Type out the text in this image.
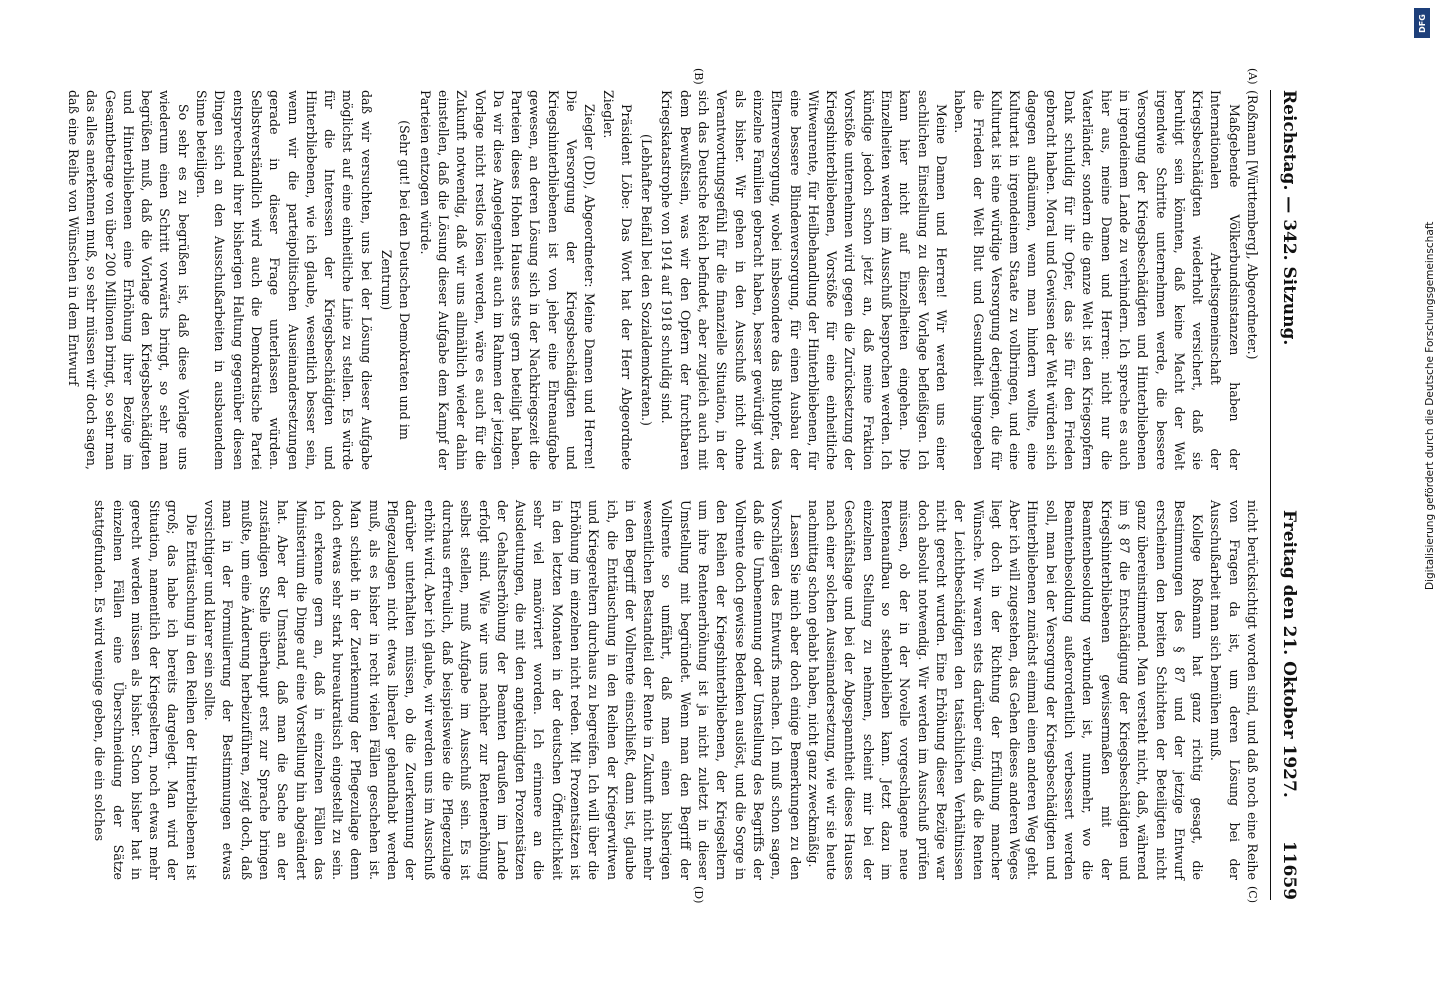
Reichstag. — 342. Sitzung.
Freitag den 21. Oktober 1927.
11659
(A)
(B)
(C)
(D)

(Roßmann [Württemberg], Abgeordneter.)

Maßgebende Völkerbundsinstanzen haben der Internationalen Arbeitsgemeinschaft der Kriegsbeschädigten wiederholt versichert, daß sie beruhigt sein könnten, daß keine Macht der Welt irgendwie Schritte unternehmen werde, die bessere Versorgung der Kriegsbeschädigten und Hinterbliebenen in irgendeinem Lande zu verhindern. Ich spreche es auch hier aus, meine Damen und Herren: nicht nur die Vaterländer, sondern die ganze Welt ist den Kriegsopfern Dank schuldig für ihr Opfer, das sie für den Frieden gebracht haben. Moral und Gewissen der Welt würden sich dagegen aufbäumen, wenn man hindern wollte, eine Kulturtat in irgendeinem Staate zu vollbringen, und eine Kulturtat ist eine würdige Versorgung derjenigen, die für die Frieden der Welt Blut und Gesundheit hingegeben haben.

Meine Damen und Herren! Wir werden uns einer sachlichen Einstellung zu dieser Vorlage befleißigen. Ich kann hier nicht auf Einzelheiten eingehen. Die Einzelheiten werden im Ausschuß besprochen werden. Ich kündige jedoch schon jetzt an, daß meine Fraktion Vorstöße unternehmen wird gegen die Zurücksetzung der Kriegshinterbliebenen, Vorstöße für eine einheitliche Witwenrente, für Heilbehandlung der Hinterbliebenen, für eine bessere Blindenversorgung, für einen Ausbau der Elternversorgung, wobei insbesondere das Blutopfer, das einzelne Familien gebracht haben, besser gewürdigt wird als bisher. Wir gehen in den Ausschuß nicht ohne Verantwortungsgefühl für die finanzielle Situation, in der sich das Deutsche Reich befindet, aber zugleich auch mit dem Bewußtsein, was wir den Opfern der furchtbaren Kriegskatastrophe von 1914 auf 1918 schuldig sind.

(Lebhafter Beifall bei den Sozialdemokraten.)

Präsident Löbe: Das Wort hat der Herr Abgeordnete Ziegler.

Ziegler (DD), Abgeordneter: Meine Damen und Herren! Die Versorgung der Kriegsbeschädigten und Kriegshinterbliebenen ist von jeher eine Ehrenaufgabe gewesen, an deren Lösung sich in der Nachkriegszeit die Parteien dieses Hohen Hauses stets gern beteiligt haben. Da wir diese Angelegenheit auch im Rahmen der jetzigen Vorlage nicht restlos lösen werden, wäre es auch für die Zukunft notwendig, daß wir uns allmählich wieder dahin einstellen, daß die Lösung dieser Aufgabe dem Kampf der Parteien entzogen würde.

(Sehr gut! bei den Deutschen Demokraten und im Zentrum)

daß wir versuchten, uns bei der Lösung dieser Aufgabe möglichst auf eine einheitliche Linie zu stellen. Es würde für die Interessen der Kriegsbeschädigten und Hinterbliebenen, wie ich glaube, wesentlich besser sein, wenn wir die parteipolitischen Auseinandersetzungen gerade in dieser Frage unterlassen würden. Selbstverständlich wird auch die Demokratische Partei entsprechend ihrer bisherigen Haltung gegenüber diesen Dingen sich an den Ausschußarbeiten in ausbauendem Sinne beteiligen.

So sehr es zu begrüßen ist, daß diese Vorlage uns wiederum einen Schritt vorwärts bringt, so sehr man begrüßen muß, daß die Vorlage den Kriegsbeschädigten und Hinterbliebenen eine Erhöhung ihrer Bezüge im Gesamtbetrage von über 200 Millionen bringt, so sehr man das alles anerkennen muß, so sehr müssen wir doch sagen, daß eine Reihe von Wünschen in dem Entwurf

nicht berücksichtigt worden sind, und daß noch eine Reihe von Fragen da ist, um deren Lösung bei der Ausschußarbeit man sich bemühen muß.

Kollege Roßmann hat ganz richtig gesagt, die Bestimmungen des § 87 und der jetzige Entwurf erscheinen den breiten Schichten der Beteiligten nicht ganz übereinstimmend. Man versteht nicht, daß, während im § 87 die Entschädigung der Kriegsbeschädigten und Kriegshinterbliebenen gewissermaßen mit der Beamtenbesoldung verbunden ist, nunmehr, wo die Beamtenbesoldung außerordentlich verbessert werden soll, man bei der Versorgung der Kriegsbeschädigten und Hinterbliebenen zunächst einmal einen anderen Weg geht. Aber ich will zugestehen, das Gehen dieses anderen Weges liegt doch in der Richtung der Erfüllung mancher Wünsche. Wir waren stets darüber einig, daß die Renten der Leichtbeschädigten den tatsächlichen Verhältnissen nicht gerecht wurden. Eine Erhöhung dieser Bezüge war doch absolut notwendig. Wir werden im Ausschuß prüfen müssen, ob der in der Novelle vorgeschlagene neue Rentenaufbau so stehenbleiben kann. Jetzt dazu im einzelnen Stellung zu nehmen, scheint mir bei der Geschäftslage und bei der Abgespanntheit dieses Hauses nach einer solchen Auseinandersetzung, wie wir sie heute nachmittag schon gehabt haben, nicht ganz zweckmäßig.

Lassen Sie mich aber doch einige Bemerkungen zu den Vorschlägen des Entwurfs machen. Ich muß schon sagen, daß die Umbenennung oder Umstellung des Begriffs der Vollrente doch gewisse Bedenken auslöst, und die Sorge in den Reihen der Kriegshinterbliebenen, der Kriegseltern um ihre Rentenerhöhung ist ja nicht zuletzt in dieser Umstellung mit begründet. Wenn man den Begriff der Vollrente so umfährt, daß man einen bisherigen wesentlichen Bestandteil der Rente in Zukunft nicht mehr in den Begriff der Vollrente einschließt, dann ist, glaube ich, die Enttäuschung in den Reihen der Kriegerwitwen und Kriegereltern durchaus zu begreifen. Ich will über die Erhöhung im einzelnen nicht reden. Mit Prozentsätzen ist in den letzten Monaten in der deutschen Öffentlichkeit sehr viel manövriert worden. Ich erinnere an die Ausdeutungen, die mit den angekündigten Prozentsätzen der Gehaltserhöhung der Beamten draußen im Lande erfolgt sind. Wie wir uns nachher zur Rentenerhöhung selbst stellen, muß Aufgabe im Ausschuß sein. Es ist durchaus erfreulich, daß beispielsweise die Pflegezulage erhöht wird. Aber ich glaube, wir werden uns im Ausschuß darüber unterhalten müssen, ob die Zuerkennung der Pflegezulagen nicht etwas liberaler gehandhabt werden muß, als es bisher in recht vielen Fällen geschehen ist. Man schiebt in der Zuerkennung der Pflegezulage denn doch etwas sehr stark bureaukratisch eingestellt zu sein. Ich erkenne gern an, daß in einzelnen Fällen das Ministerium die Dinge auf eine Vorstellung hin abgeändert hat. Aber der Umstand, daß man die Sache an der zuständigen Stelle überhaupt erst zur Sprache bringen mußte, um eine Änderung herbeizuführen, zeigt doch, daß man in der Formulierung der Bestimmungen etwas vorsichtiger und klarer sein sollte.

Die Enttäuschung in den Reihen der Hinterbliebenen ist groß; das habe ich bereits dargelegt. Man wird der Situation, namentlich der Kriegseltern, noch etwas mehr gerecht werden müssen als bisher. Schon bisher hat in einzelnen Fällen eine Überschneidung der Sätze stattgefunden. Es wird wenige geben, die ein solches

DFG
Digitalisierung gefördert durch die Deutsche Forschungsgemeinschaft
